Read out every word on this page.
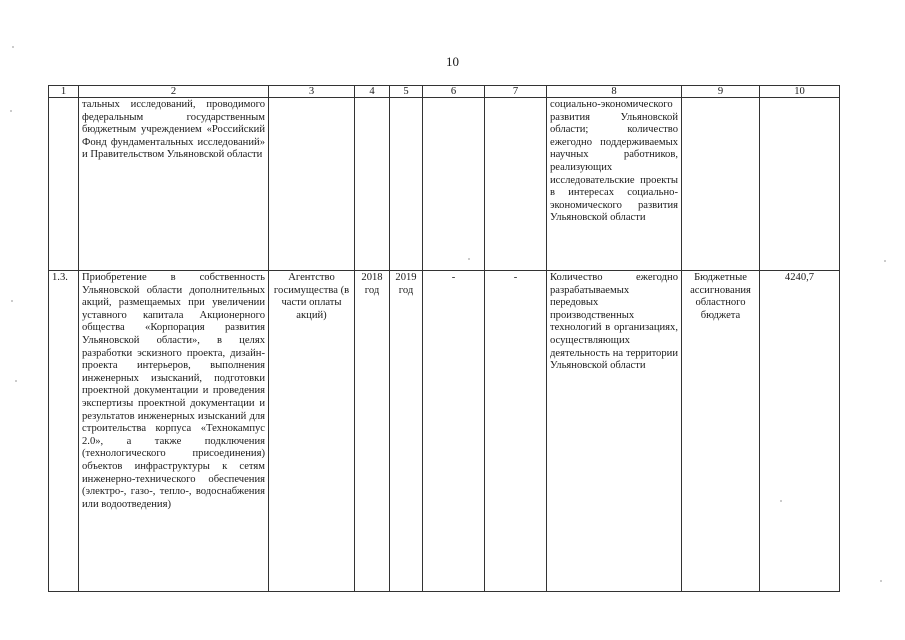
10
1	2	3	4	5	6	7	8	9	10
	тальных исследований, проводимого федеральным государственным бюджетным учреждением «Российский Фонд фундаментальных исследований» и Правительством Ульяновской области						социально-экономического развития Ульяновской области; количество ежегодно поддерживаемых научных работников, реализующих исследовательские проекты в интересах социально-экономического развития Ульяновской области		
1.3.	Приобретение в собственность Ульяновской области дополнительных акций, размещаемых при увеличении уставного капитала Акционерного общества «Корпорация развития Ульяновской области», в целях разработки эскизного проекта, дизайн-проекта интерьеров, выполнения инженерных изысканий, подготовки проектной документации и проведения экспертизы проектной документации и результатов инженерных изысканий для строительства корпуса «Технокампус 2.0», а также подключения (технологического присоединения) объектов инфраструктуры к сетям инженерно-технического обеспечения (электро-, газо-, тепло-, водоснабжения или водоотведения)	Агентство госимущества (в части оплаты акций)	2018 год	2019 год	-	-	Количество ежегодно разрабатываемых передовых производственных технологий в организациях, осуществляющих деятельность на территории Ульяновской области	Бюджетные ассигнования областного бюджета	4240,7
